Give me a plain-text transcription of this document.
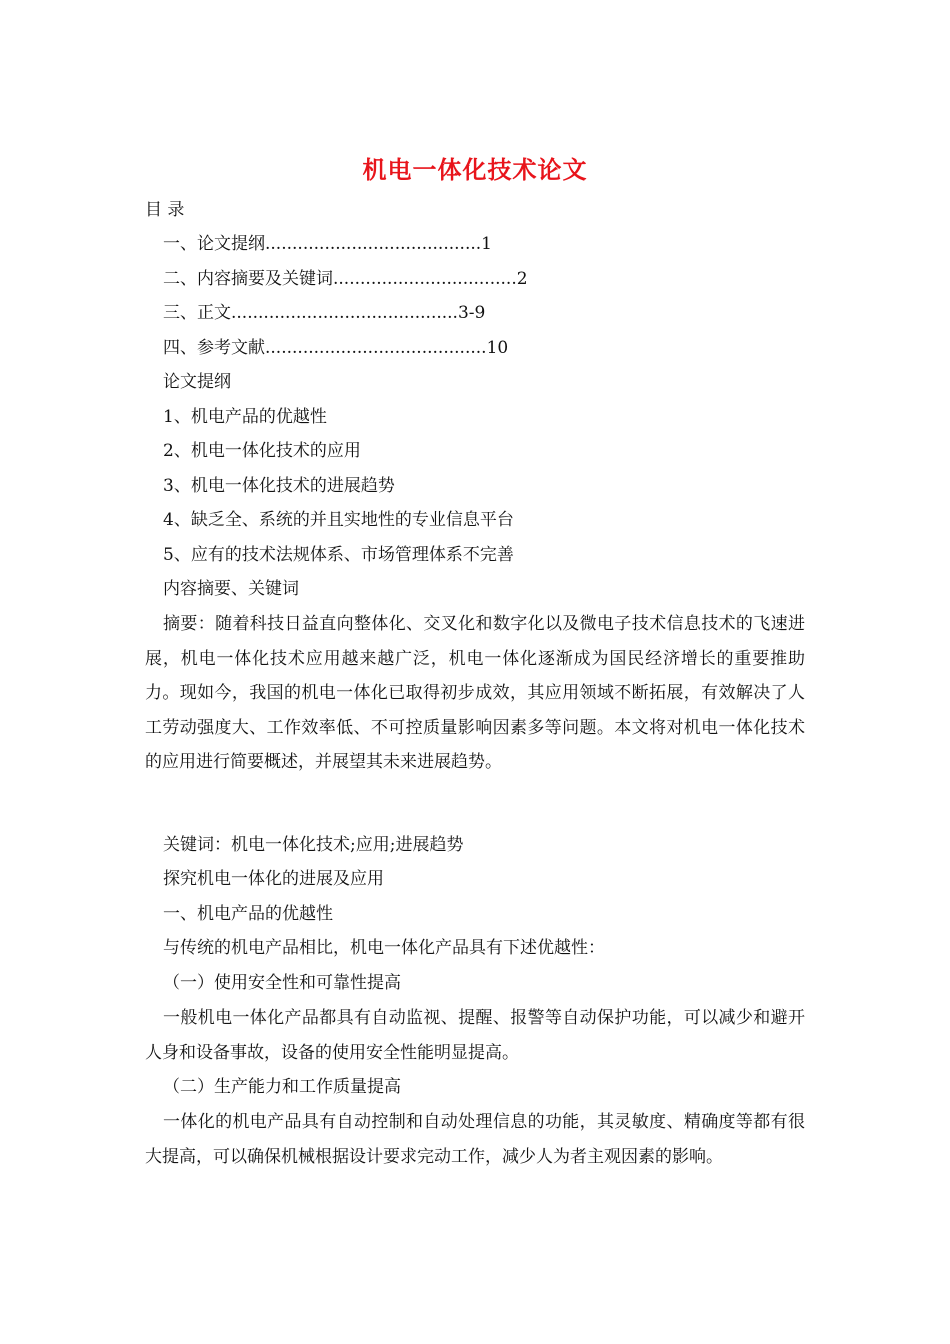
机电一体化技术论文
目 录
一、论文提纲........................................1
二、内容摘要及关键词..................................2
三、正文..........................................3-9
四、参考文献.........................................10
论文提纲
1、机电产品的优越性
2、机电一体化技术的应用
3、机电一体化技术的进展趋势
4、缺乏全、系统的并且实地性的专业信息平台
5、应有的技术法规体系、市场管理体系不完善
内容摘要、关键词
摘要：随着科技日益直向整体化、交叉化和数字化以及微电子技术信息技术的飞速进展，机电一体化技术应用越来越广泛，机电一体化逐渐成为国民经济增长的重要推助力。现如今，我国的机电一体化已取得初步成效，其应用领域不断拓展，有效解决了人工劳动强度大、工作效率低、不可控质量影响因素多等问题。本文将对机电一体化技术的应用进行简要概述，并展望其未来进展趋势。
关键词：机电一体化技术;应用;进展趋势
探究机电一体化的进展及应用
一、机电产品的优越性
与传统的机电产品相比，机电一体化产品具有下述优越性：
（一）使用安全性和可靠性提高
一般机电一体化产品都具有自动监视、提醒、报警等自动保护功能，可以减少和避开人身和设备事故，设备的使用安全性能明显提高。
（二）生产能力和工作质量提高
一体化的机电产品具有自动控制和自动处理信息的功能，其灵敏度、精确度等都有很大提高，可以确保机械根据设计要求完动工作，减少人为者主观因素的影响。
